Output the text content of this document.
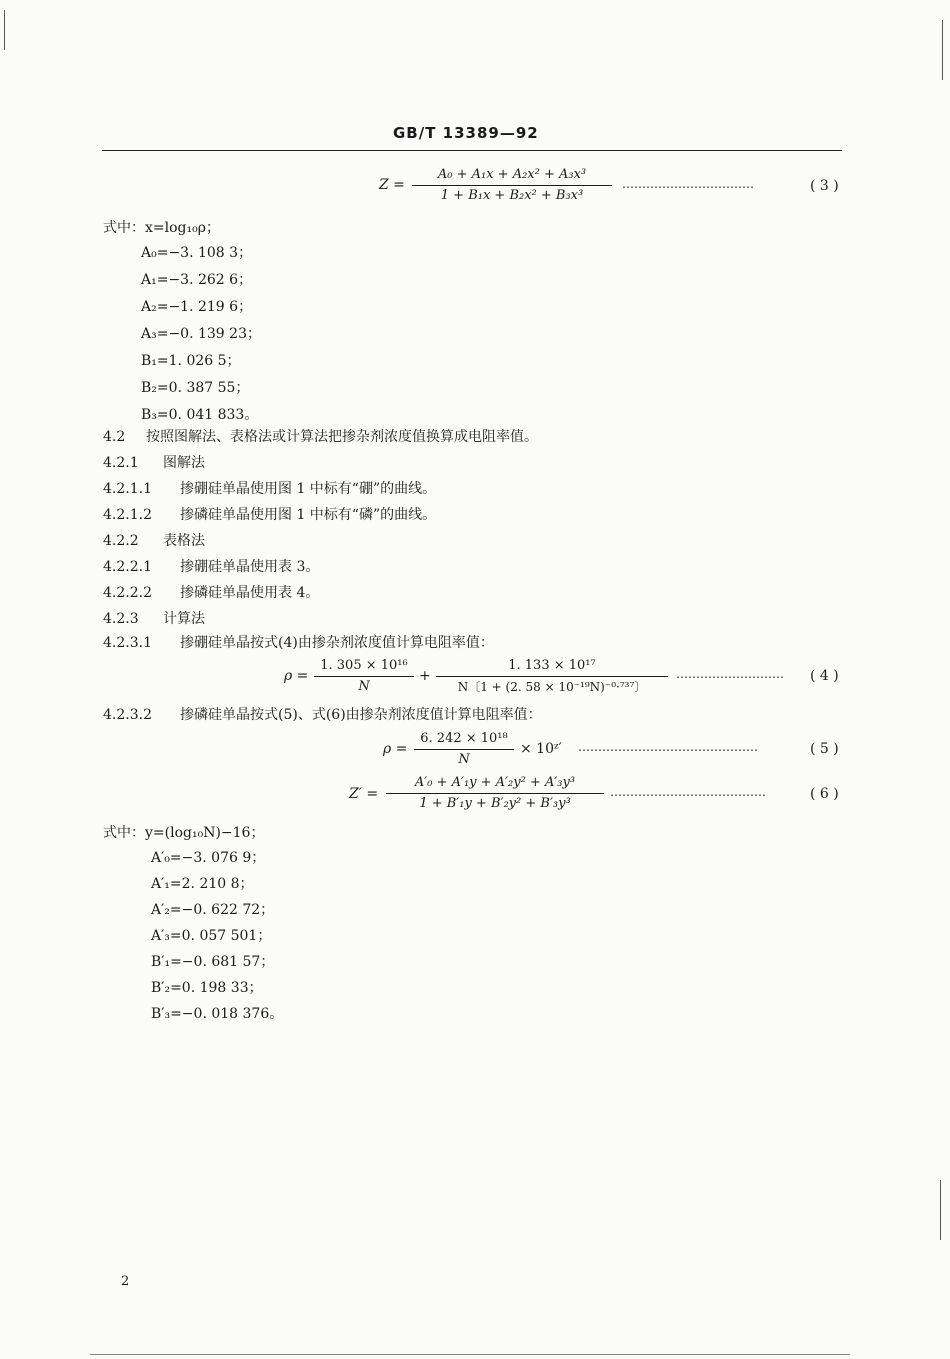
GB/T 13389—92
Z =
A₀ + A₁x + A₂x² + A₃x³
1 + B₁x + B₂x² + B₃x³
……………………………	( 3 )
式中：x=log₁₀ρ；
A₀=−3. 108 3；
A₁=−3. 262 6；
A₂=−1. 219 6；
A₃=−0. 139 23；
B₁=1. 026 5；
B₂=0. 387 55；
B₃=0. 041 833。
4.2 按照图解法、表格法或计算法把掺杂剂浓度值换算成电阻率值。
4.2.1 图解法
4.2.1.1 掺硼硅单晶使用图 1 中标有“硼”的曲线。
4.2.1.2 掺磷硅单晶使用图 1 中标有“磷”的曲线。
4.2.2 表格法
4.2.2.1 掺硼硅单晶使用表 3。
4.2.2.2 掺磷硅单晶使用表 4。
4.2.3 计算法
4.2.3.1 掺硼硅单晶按式(4)由掺杂剂浓度值计算电阻率值：
ρ =
1. 305 × 10¹⁶
N
+
1. 133 × 10¹⁷
N〔1 + (2. 58 × 10⁻¹⁹N)⁻⁰·⁷³⁷〕
………………………	( 4 )
4.2.3.2 掺磷硅单晶按式(5)、式(6)由掺杂剂浓度值计算电阻率值：
ρ =
6. 242 × 10¹⁸
N
× 10ᶻ′ ………………………………………	( 5 )
Z′ =
A′₀ + A′₁y + A′₂y² + A′₃y³
1 + B′₁y + B′₂y² + B′₃y³
…………………………………	( 6 )
式中：y=(log₁₀N)−16；
A′₀=−3. 076 9；
A′₁=2. 210 8；
A′₂=−0. 622 72；
A′₃=0. 057 501；
B′₁=−0. 681 57；
B′₂=0. 198 33；
B′₃=−0. 018 376。
2
